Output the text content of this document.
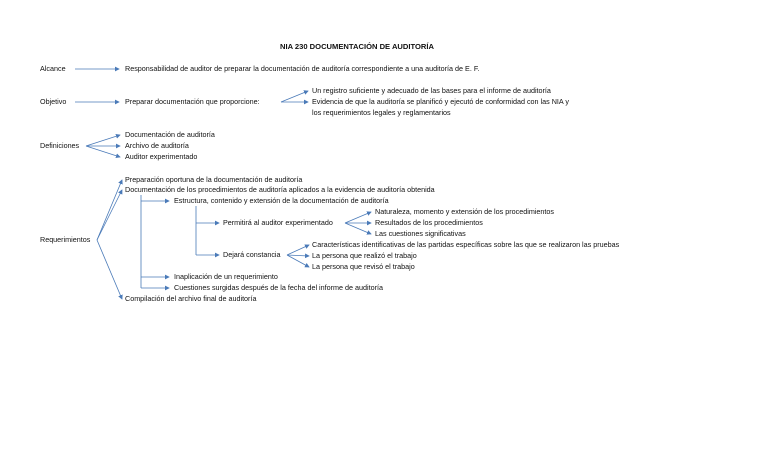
NIA 230 DOCUMENTACIÓN DE AUDITORÍA
Alcance	Responsabilidad de auditor de preparar la documentación de auditoría correspondiente a una auditoría de E. F.
Objetivo	Preparar documentación que proporcione:
Un registro suficiente y adecuado de las bases para el informe de auditoría
Evidencia de que la auditoría se planificó y ejecutó de conformidad con las NIA y
los requerimientos legales y reglamentarios
Definiciones
Documentación de auditoría
Archivo de auditoría
Auditor experimentado
Requerimientos
Preparación oportuna de la documentación de auditoría
Documentación de los procedimientos de auditoría aplicados a la evidencia de auditoría obtenida
Estructura, contenido y extensión de la documentación de auditoría
Permitirá al auditor experimentado
Naturaleza, momento y extensión de los procedimientos
Resultados de los procedimientos
Las cuestiones significativas
Dejará constancia
Características identificativas de las partidas específicas sobre las que se realizaron las pruebas
La persona que realizó el trabajo
La persona que revisó el trabajo
Inaplicación de un requerimiento
Cuestiones surgidas después de la fecha del informe de auditoría
Compilación del archivo final de auditoría
